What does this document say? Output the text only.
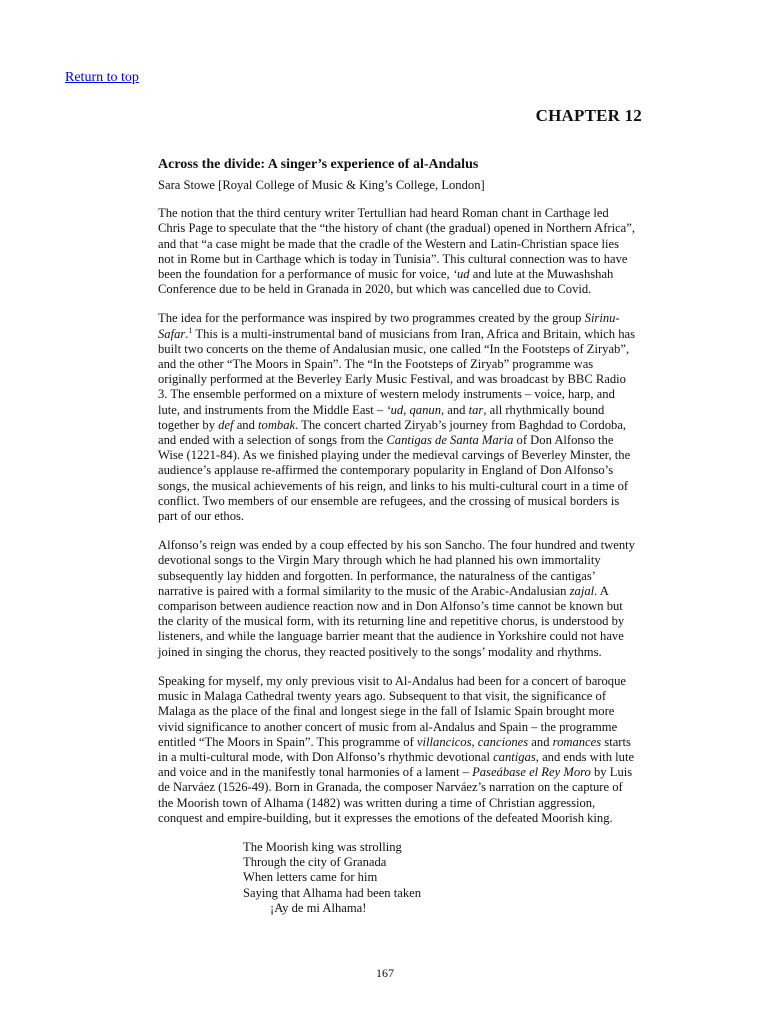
Return to top
CHAPTER 12
Across the divide: A singer’s experience of al-Andalus
Sara Stowe [Royal College of Music & King’s College, London]

The notion that the third century writer Tertullian had heard Roman chant in Carthage led Chris Page to speculate that the “the history of chant (the gradual) opened in Northern Africa”, and that “a case might be made that the cradle of the Western and Latin-Christian space lies not in Rome but in Carthage which is today in Tunisia”. This cultural connection was to have been the foundation for a performance of music for voice, ‘ud and lute at the Muwashshah Conference due to be held in Granada in 2020, but which was cancelled due to Covid.

The idea for the performance was inspired by two programmes created by the group Sirinu-Safar.$^1$ This is a multi-instrumental band of musicians from Iran, Africa and Britain, which has built two concerts on the theme of Andalusian music, one called “In the Footsteps of Ziryab”, and the other “The Moors in Spain”. The “In the Footsteps of Ziryab” programme was originally performed at the Beverley Early Music Festival, and was broadcast by BBC Radio 3. The ensemble performed on a mixture of western melody instruments – voice, harp, and lute, and instruments from the Middle East – ‘ud, qanun, and tar, all rhythmically bound together by def and tombak. The concert charted Ziryab’s journey from Baghdad to Cordoba, and ended with a selection of songs from the Cantigas de Santa Maria of Don Alfonso the Wise (1221-84). As we finished playing under the medieval carvings of Beverley Minster, the audience’s applause re-affirmed the contemporary popularity in England of Don Alfonso’s songs, the musical achievements of his reign, and links to his multi-cultural court in a time of conflict. Two members of our ensemble are refugees, and the crossing of musical borders is part of our ethos.

Alfonso’s reign was ended by a coup effected by his son Sancho. The four hundred and twenty devotional songs to the Virgin Mary through which he had planned his own immortality subsequently lay hidden and forgotten. In performance, the naturalness of the cantigas’ narrative is paired with a formal similarity to the music of the Arabic-Andalusian zajal. A comparison between audience reaction now and in Don Alfonso’s time cannot be known but the clarity of the musical form, with its returning line and repetitive chorus, is understood by listeners, and while the language barrier meant that the audience in Yorkshire could not have joined in singing the chorus, they reacted positively to the songs’ modality and rhythms.

Speaking for myself, my only previous visit to Al-Andalus had been for a concert of baroque music in Malaga Cathedral twenty years ago. Subsequent to that visit, the significance of Malaga as the place of the final and longest siege in the fall of Islamic Spain brought more vivid significance to another concert of music from al-Andalus and Spain – the programme entitled “The Moors in Spain”. This programme of villancicos, canciones and romances starts in a multi-cultural mode, with Don Alfonso’s rhythmic devotional cantigas, and ends with lute and voice and in the manifestly tonal harmonies of a lament – Paseábase el Rey Moro by Luis de Narváez (1526-49). Born in Granada, the composer Narváez’s narration on the capture of the Moorish town of Alhama (1482) was written during a time of Christian aggression, conquest and empire-building, but it expresses the emotions of the defeated Moorish king.

The Moorish king was strolling
Through the city of Granada
When letters came for him
Saying that Alhama had been taken
¡Ay de mi Alhama!
167
